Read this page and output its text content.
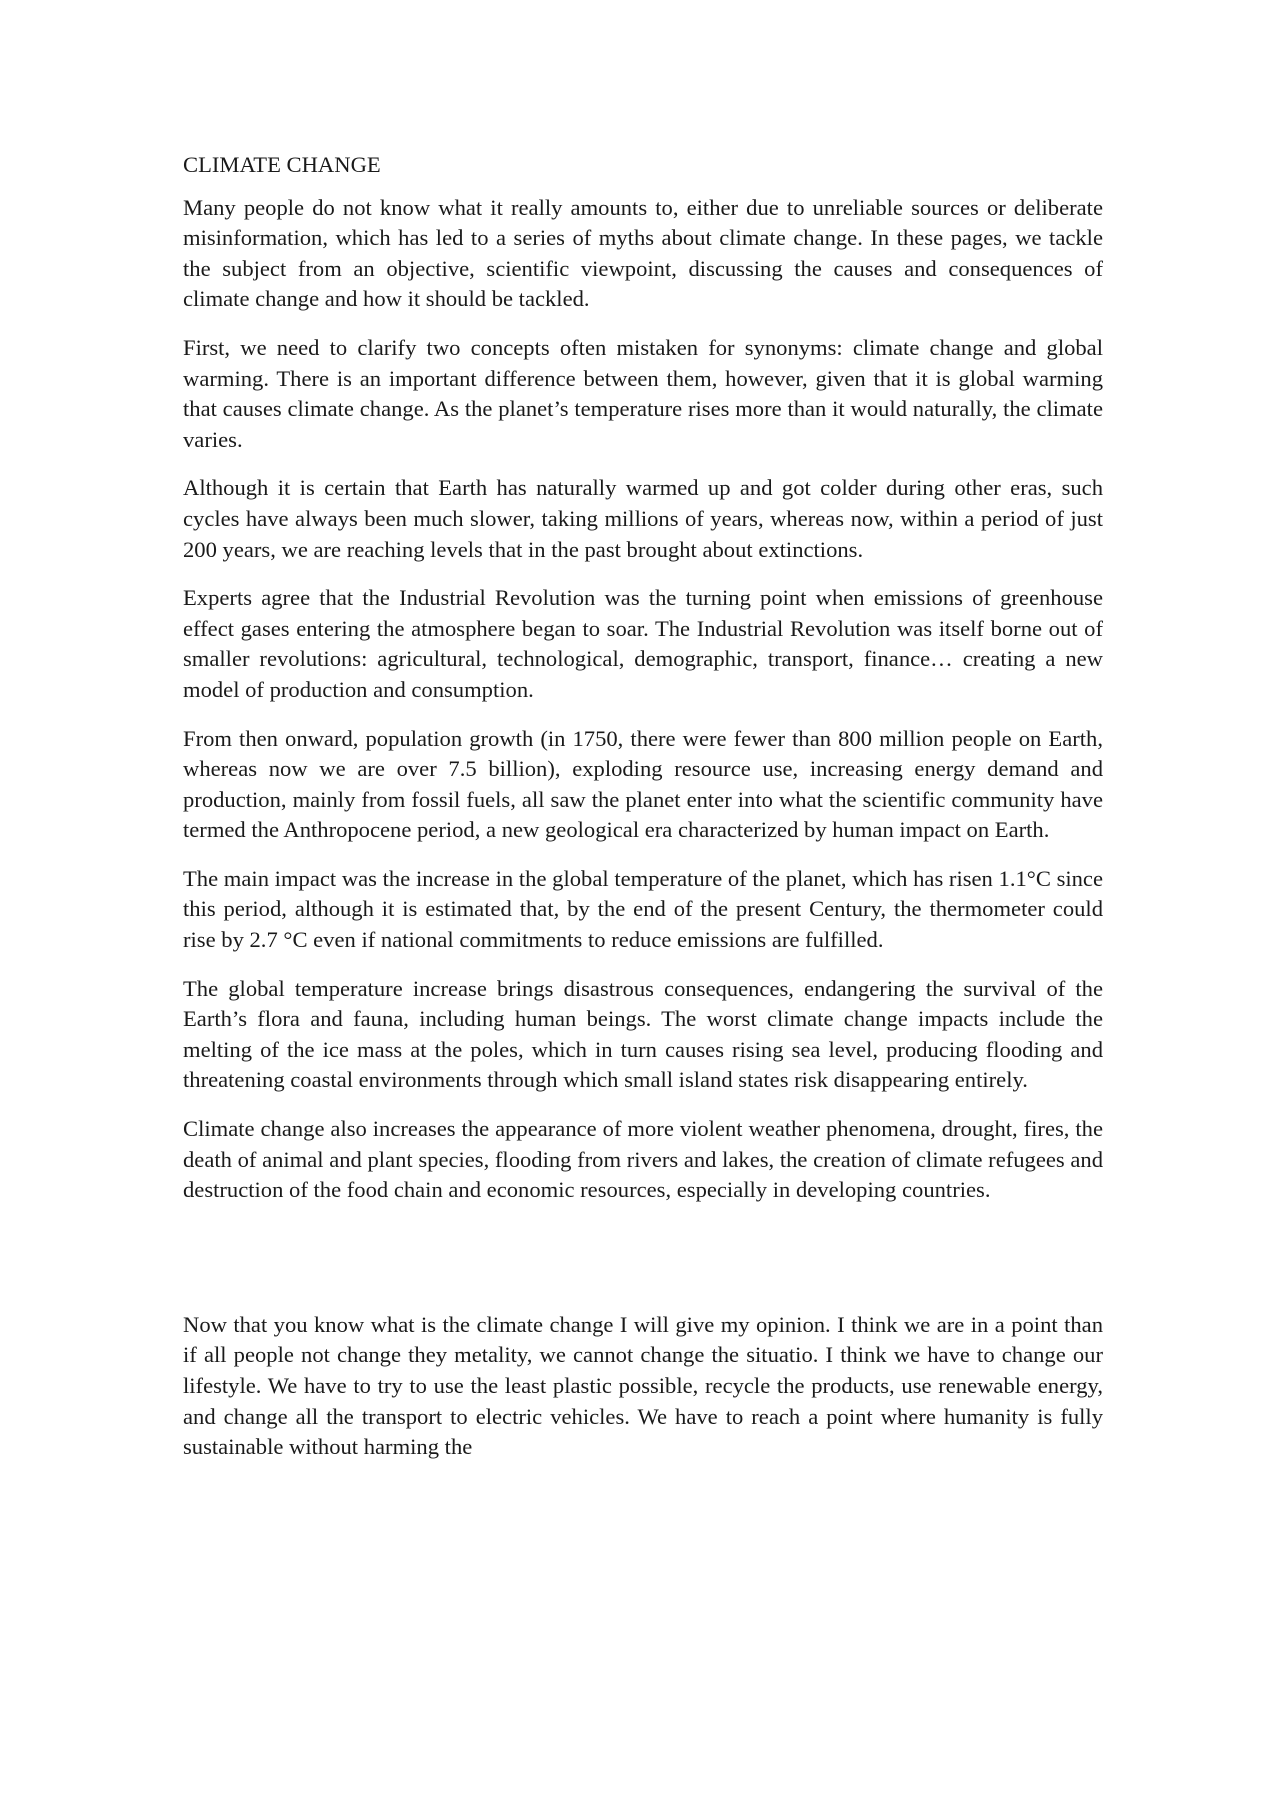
CLIMATE CHANGE

Many people do not know what it really amounts to, either due to unreliable sources or deliberate misinformation, which has led to a series of myths about climate change. In these pages, we tackle the subject from an objective, scientific viewpoint, discussing the causes and consequences of climate change and how it should be tackled.

First, we need to clarify two concepts often mistaken for synonyms: climate change and global warming. There is an important difference between them, however, given that it is global warming that causes climate change. As the planet’s temperature rises more than it would naturally, the climate varies.

Although it is certain that Earth has naturally warmed up and got colder during other eras, such cycles have always been much slower, taking millions of years, whereas now, within a period of just 200 years, we are reaching levels that in the past brought about extinctions.

Experts agree that the Industrial Revolution was the turning point when emissions of greenhouse effect gases entering the atmosphere began to soar. The Industrial Revolution was itself borne out of smaller revolutions: agricultural, technological, demographic, transport, finance… creating a new model of production and consumption.

From then onward, population growth (in 1750, there were fewer than 800 million people on Earth, whereas now we are over 7.5 billion), exploding resource use, increasing energy demand and production, mainly from fossil fuels, all saw the planet enter into what the scientific community have termed the Anthropocene period, a new geological era characterized by human impact on Earth.

The main impact was the increase in the global temperature of the planet, which has risen 1.1°C since this period, although it is estimated that, by the end of the present Century, the thermometer could rise by 2.7 °C even if national commitments to reduce emissions are fulfilled.

The global temperature increase brings disastrous consequences, endangering the survival of the Earth’s flora and fauna, including human beings. The worst climate change impacts include the melting of the ice mass at the poles, which in turn causes rising sea level, producing flooding and threatening coastal environments through which small island states risk disappearing entirely.

Climate change also increases the appearance of more violent weather phenomena, drought, fires, the death of animal and plant species, flooding from rivers and lakes, the creation of climate refugees and destruction of the food chain and economic resources, especially in developing countries.

Now that you know what is the climate change I will give my opinion. I think we are in a point than if all people not change they metality, we cannot change the situatio. I think we have to change our lifestyle. We have to try to use the least plastic possible, recycle the products, use renewable energy, and change all the transport to electric vehicles. We have to reach a point where humanity is fully sustainable without harming the
